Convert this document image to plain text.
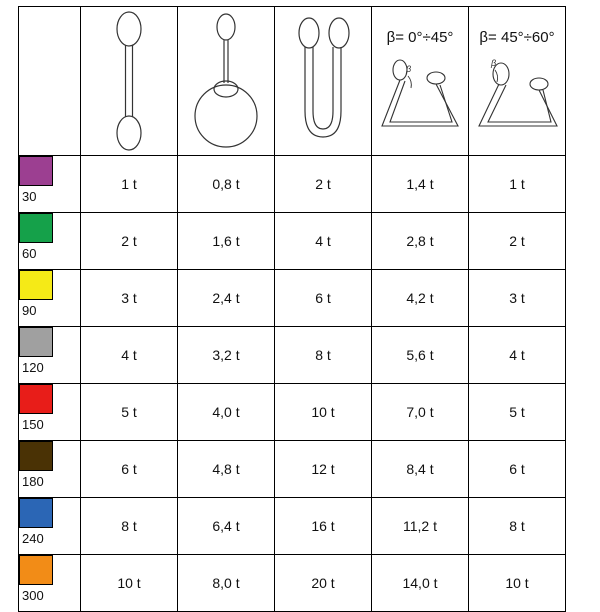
β= 0°÷45°
β	β= 45°÷60°
β

30	1 t	0,8 t	2 t	1,4 t	1 t

60	2 t	1,6 t	4 t	2,8 t	2 t

90	3 t	2,4 t	6 t	4,2 t	3 t

120	4 t	3,2 t	8 t	5,6 t	4 t

150	5 t	4,0 t	10 t	7,0 t	5 t

180	6 t	4,8 t	12 t	8,4 t	6 t

240	8 t	6,4 t	16 t	11,2 t	8 t

300	10 t	8,0 t	20 t	14,0 t	10 t
